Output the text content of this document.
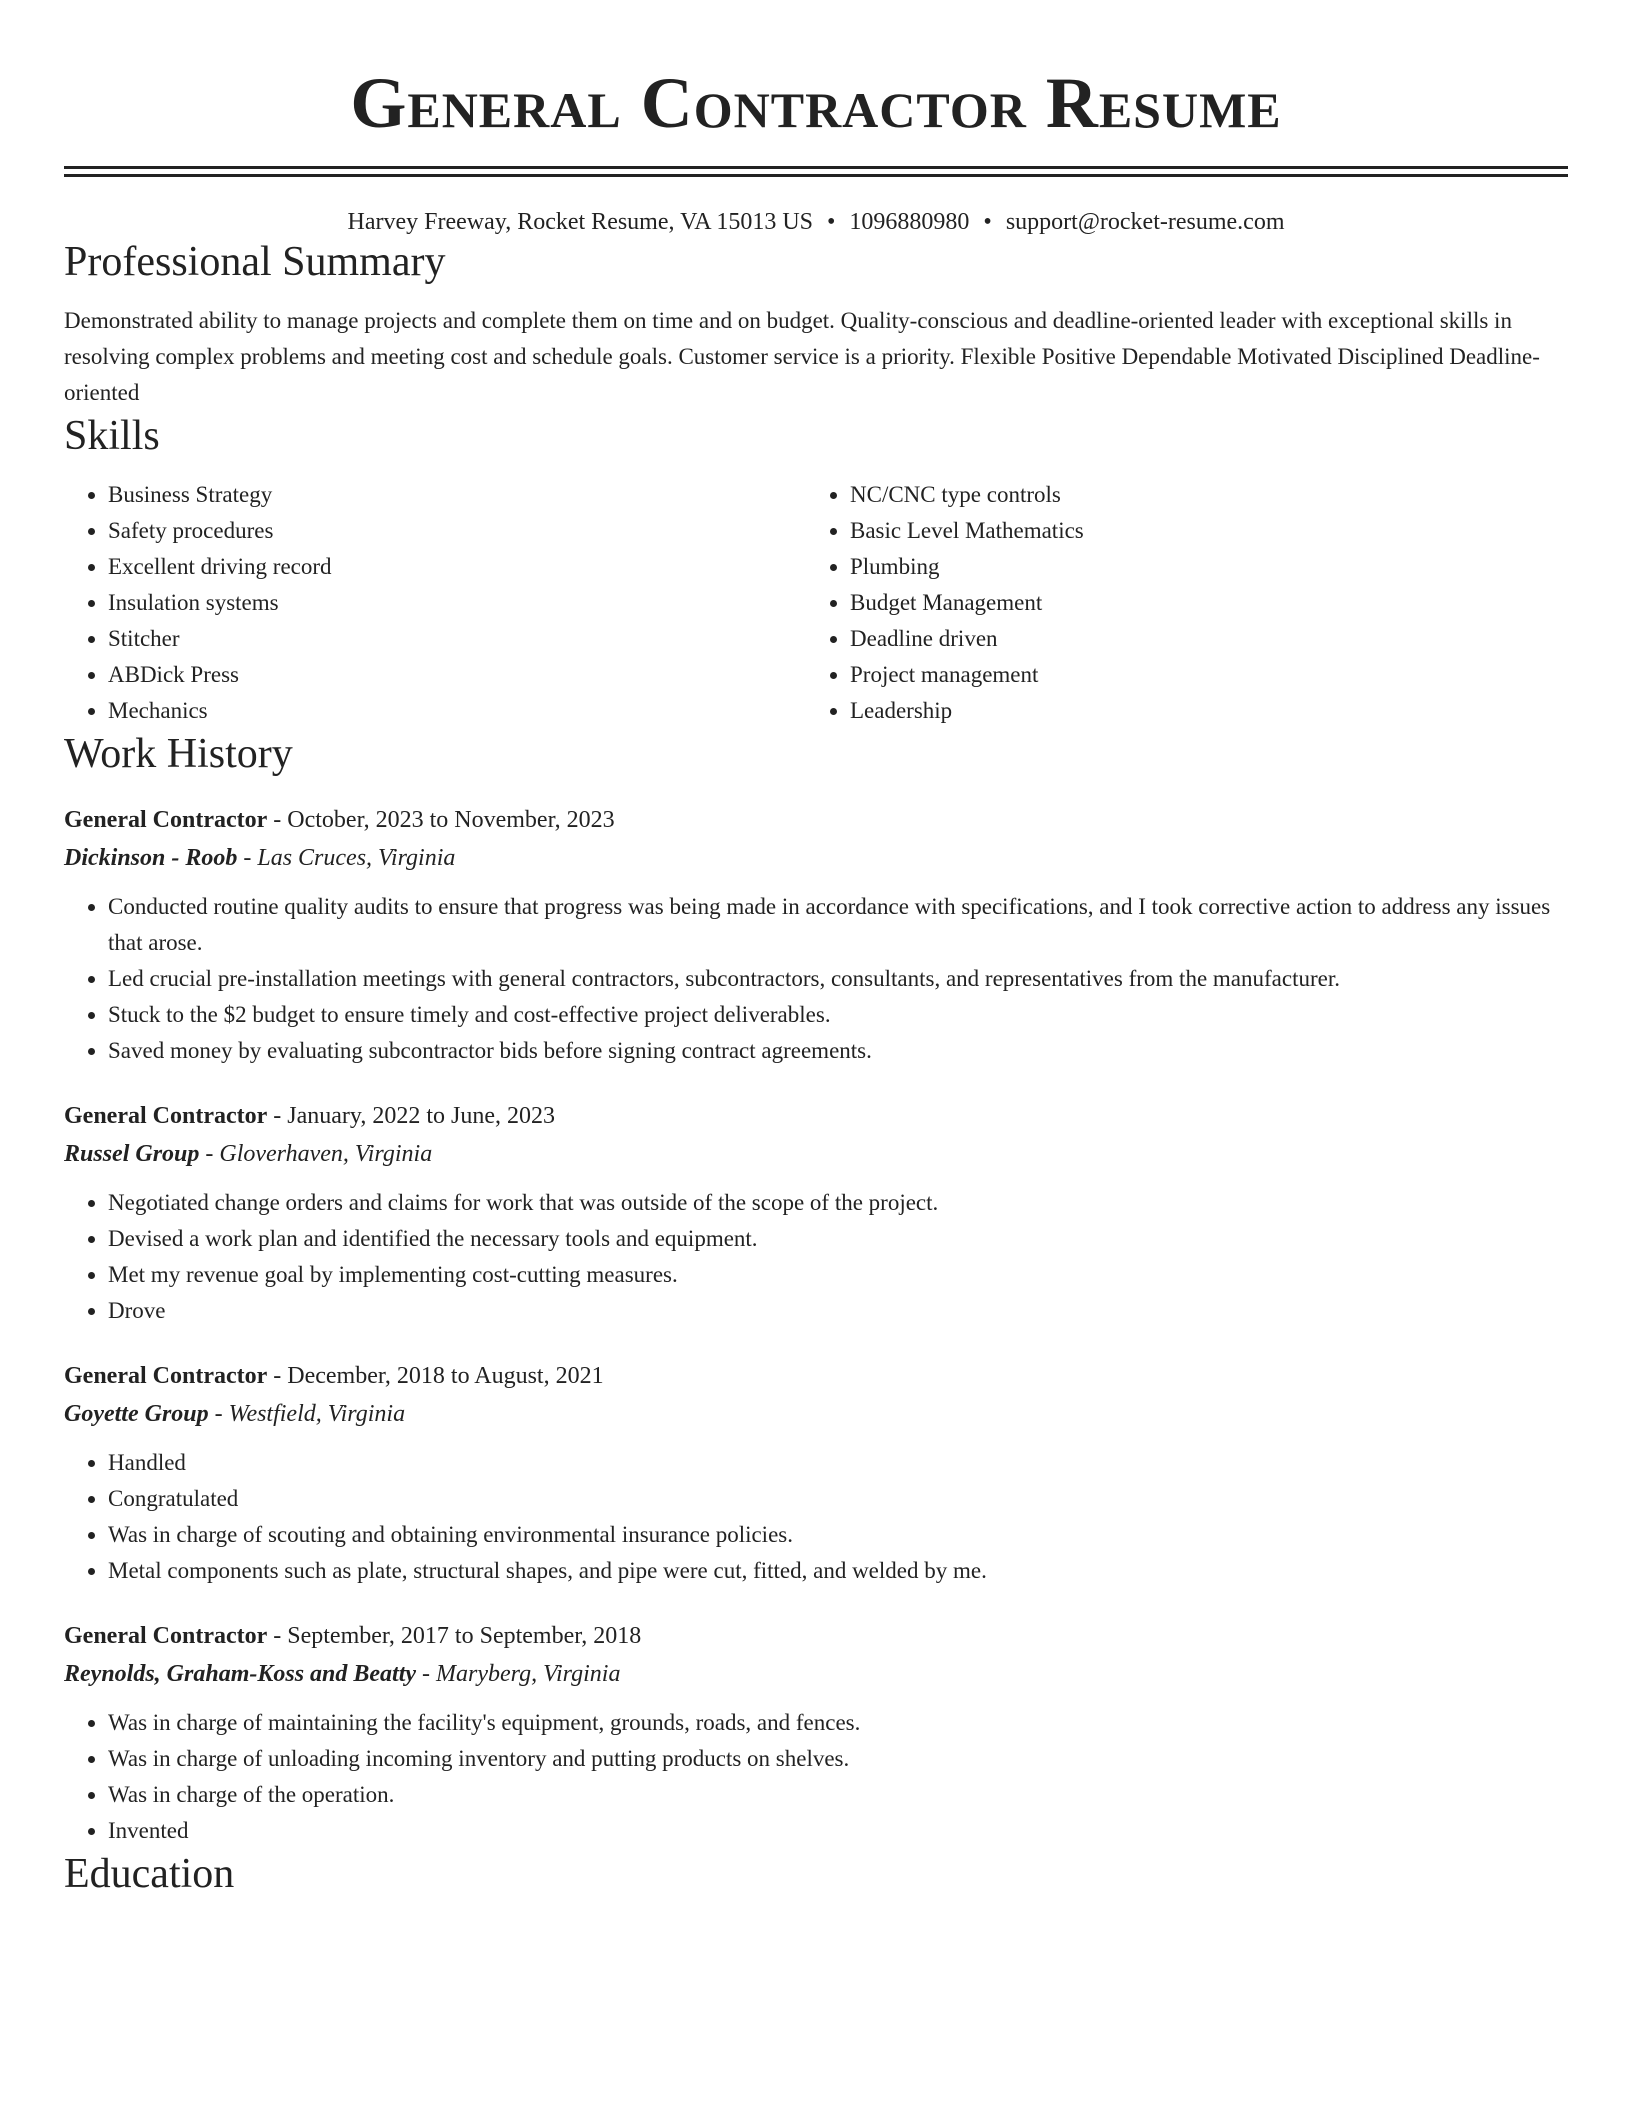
General Contractor Resume
Harvey Freeway, Rocket Resume, VA 15013 US • 1096880980 • support@rocket-resume.com
Professional Summary

Demonstrated ability to manage projects and complete them on time and on budget. Quality-conscious and deadline-oriented leader with exceptional skills in resolving complex problems and meeting cost and schedule goals. Customer service is a priority. Flexible Positive Dependable Motivated Disciplined Deadline-oriented

Skills
• Business Strategy
• Safety procedures
• Excellent driving record
• Insulation systems
• Stitcher
• ABDick Press
• Mechanics
• NC/CNC type controls
• Basic Level Mathematics
• Plumbing
• Budget Management
• Deadline driven
• Project management
• Leadership
Work History
General Contractor - October, 2023 to November, 2023
Dickinson - Roob - Las Cruces, Virginia
• Conducted routine quality audits to ensure that progress was being made in accordance with specifications, and I took corrective action to address any issues that arose.
• Led crucial pre-installation meetings with general contractors, subcontractors, consultants, and representatives from the manufacturer.
• Stuck to the $2 budget to ensure timely and cost-effective project deliverables.
• Saved money by evaluating subcontractor bids before signing contract agreements.
General Contractor - January, 2022 to June, 2023
Russel Group - Gloverhaven, Virginia
• Negotiated change orders and claims for work that was outside of the scope of the project.
• Devised a work plan and identified the necessary tools and equipment.
• Met my revenue goal by implementing cost-cutting measures.
• Drove
General Contractor - December, 2018 to August, 2021
Goyette Group - Westfield, Virginia
• Handled
• Congratulated
• Was in charge of scouting and obtaining environmental insurance policies.
• Metal components such as plate, structural shapes, and pipe were cut, fitted, and welded by me.
General Contractor - September, 2017 to September, 2018
Reynolds, Graham-Koss and Beatty - Maryberg, Virginia
• Was in charge of maintaining the facility's equipment, grounds, roads, and fences.
• Was in charge of unloading incoming inventory and putting products on shelves.
• Was in charge of the operation.
• Invented
Education
